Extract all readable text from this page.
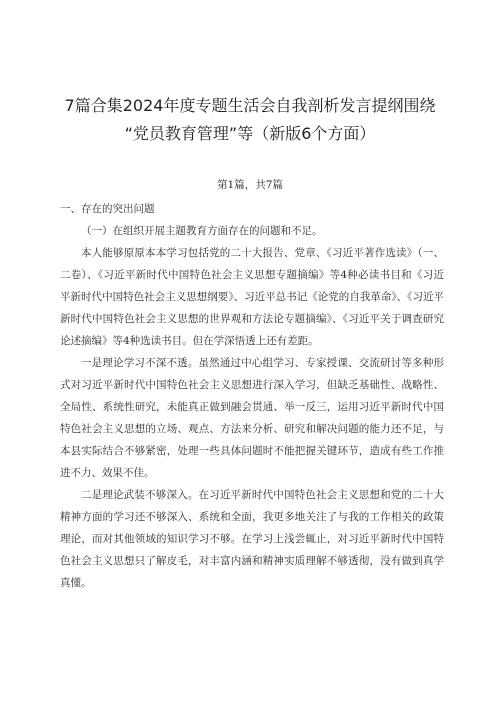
7篇合集2024年度专题生活会自我剖析发言提纲围绕
“党员教育管理”等（新版6个方面）
第1篇，共7篇

一、存在的突出问题

（一）在组织开展主题教育方面存在的问题和不足。

本人能够原原本本学习包括党的二十大报告、党章、《习近平著作选读》（一、二卷）、《习近平新时代中国特色社会主义思想专题摘编》等4种必读书目和《习近平新时代中国特色社会主义思想纲要》、习近平总书记《论党的自我革命》、《习近平新时代中国特色社会主义思想的世界观和方法论专题摘编》、《习近平关于调查研究论述摘编》等4种选读书目。但在学深悟透上还有差距。

一是理论学习不深不透。虽然通过中心组学习、专家授课、交流研讨等多种形式对习近平新时代中国特色社会主义思想进行深入学习，但缺乏基础性、战略性、全局性、系统性研究，未能真正做到融会贯通、举一反三，运用习近平新时代中国特色社会主义思想的立场、观点、方法来分析、研究和解决问题的能力还不足，与本县实际结合不够紧密，处理一些具体问题时不能把握关键环节，造成有些工作推进不力、效果不佳。

二是理论武装不够深入。在习近平新时代中国特色社会主义思想和党的二十大精神方面的学习还不够深入、系统和全面，我更多地关注了与我的工作相关的政策理论，而对其他领域的知识学习不够。在学习上浅尝辄止，对习近平新时代中国特色社会主义思想只了解皮毛，对丰富内涵和精神实质理解不够透彻，没有做到真学真懂。
